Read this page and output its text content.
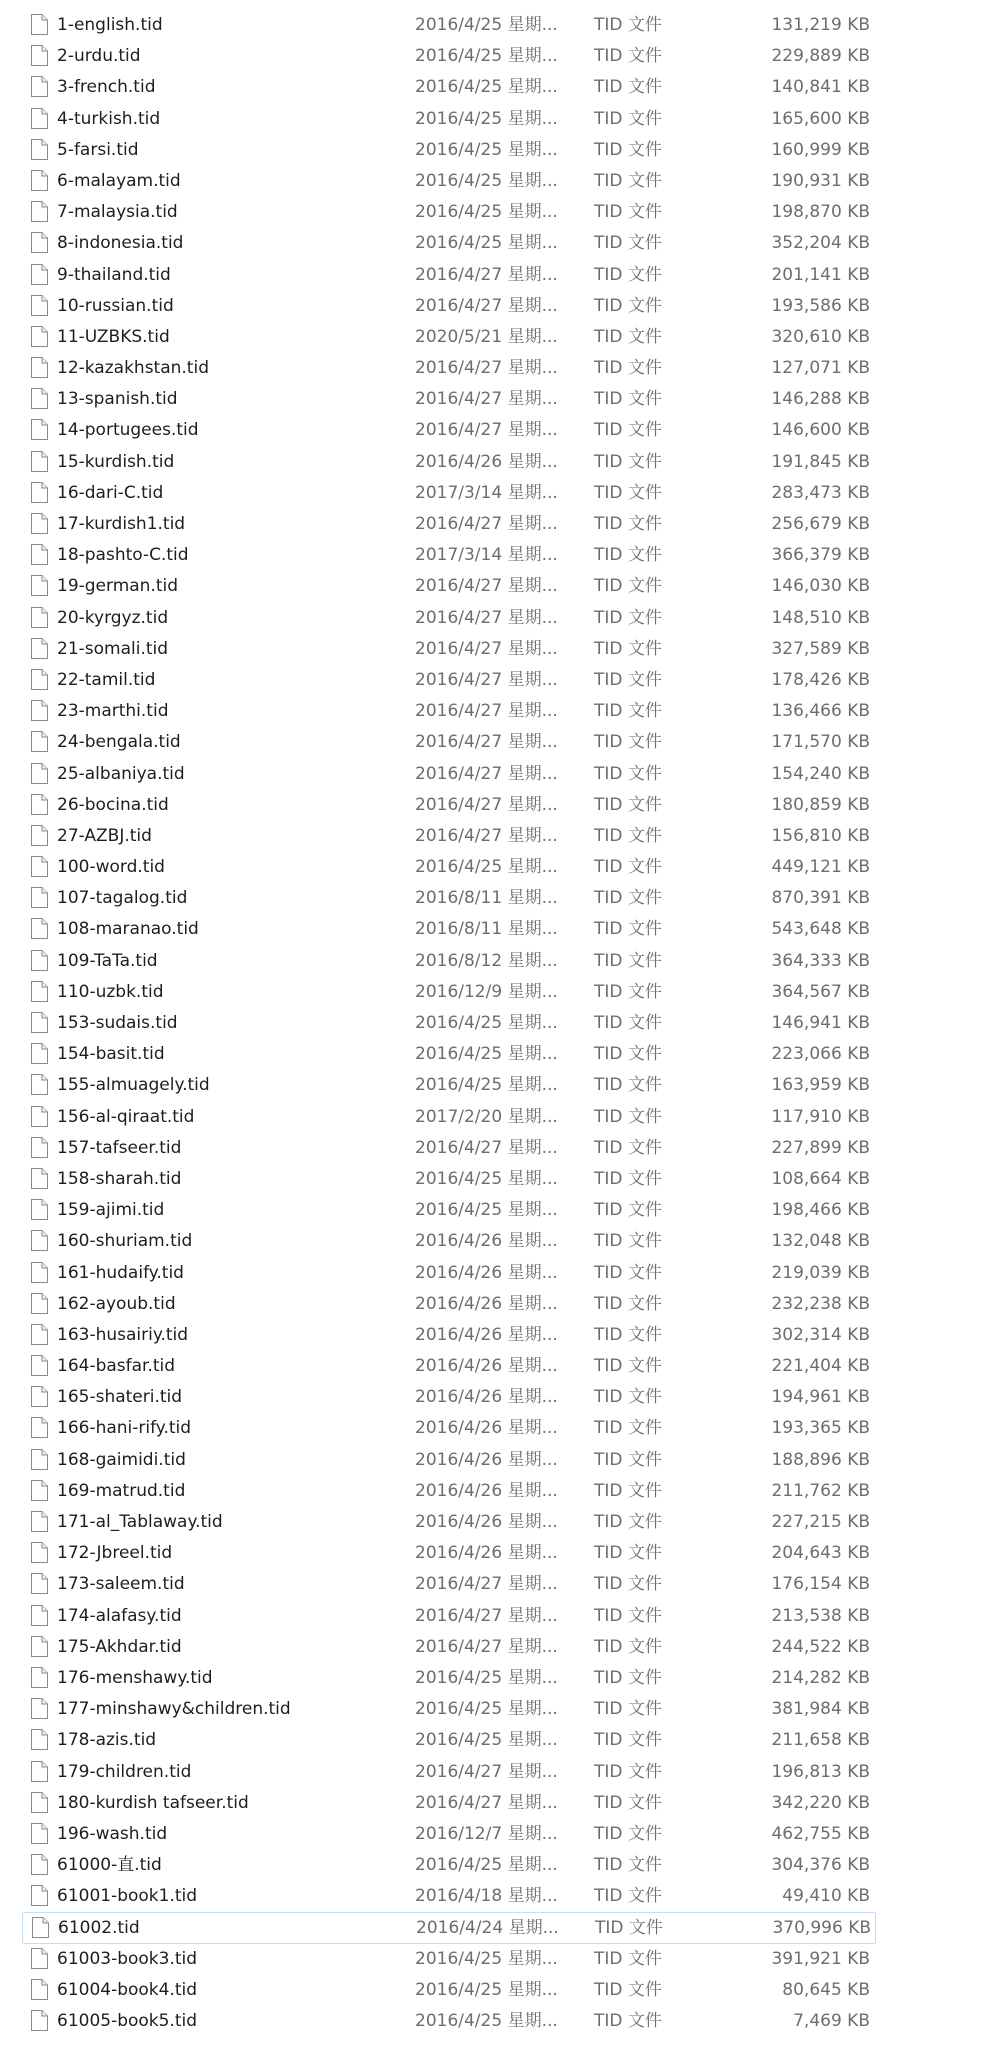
1-english.tid	2016/4/25 星期... TID 文件	131,219 KB
2-urdu.tid	2016/4/25 星期... TID 文件	229,889 KB
3-french.tid	2016/4/25 星期... TID 文件	140,841 KB
4-turkish.tid	2016/4/25 星期... TID 文件	165,600 KB
5-farsi.tid	2016/4/25 星期... TID 文件	160,999 KB
6-malayam.tid	2016/4/25 星期... TID 文件	190,931 KB
7-malaysia.tid	2016/4/25 星期... TID 文件	198,870 KB
8-indonesia.tid	2016/4/25 星期... TID 文件	352,204 KB
9-thailand.tid	2016/4/27 星期... TID 文件	201,141 KB
10-russian.tid	2016/4/27 星期... TID 文件	193,586 KB
11-UZBKS.tid	2020/5/21 星期... TID 文件	320,610 KB
12-kazakhstan.tid	2016/4/27 星期... TID 文件	127,071 KB
13-spanish.tid	2016/4/27 星期... TID 文件	146,288 KB
14-portugees.tid	2016/4/27 星期... TID 文件	146,600 KB
15-kurdish.tid	2016/4/26 星期... TID 文件	191,845 KB
16-dari-C.tid	2017/3/14 星期... TID 文件	283,473 KB
17-kurdish1.tid	2016/4/27 星期... TID 文件	256,679 KB
18-pashto-C.tid	2017/3/14 星期... TID 文件	366,379 KB
19-german.tid	2016/4/27 星期... TID 文件	146,030 KB
20-kyrgyz.tid	2016/4/27 星期... TID 文件	148,510 KB
21-somali.tid	2016/4/27 星期... TID 文件	327,589 KB
22-tamil.tid	2016/4/27 星期... TID 文件	178,426 KB
23-marthi.tid	2016/4/27 星期... TID 文件	136,466 KB
24-bengala.tid	2016/4/27 星期... TID 文件	171,570 KB
25-albaniya.tid	2016/4/27 星期... TID 文件	154,240 KB
26-bocina.tid	2016/4/27 星期... TID 文件	180,859 KB
27-AZBJ.tid	2016/4/27 星期... TID 文件	156,810 KB
100-word.tid	2016/4/25 星期... TID 文件	449,121 KB
107-tagalog.tid	2016/8/11 星期... TID 文件	870,391 KB
108-maranao.tid	2016/8/11 星期... TID 文件	543,648 KB
109-TaTa.tid	2016/8/12 星期... TID 文件	364,333 KB
110-uzbk.tid	2016/12/9 星期... TID 文件	364,567 KB
153-sudais.tid	2016/4/25 星期... TID 文件	146,941 KB
154-basit.tid	2016/4/25 星期... TID 文件	223,066 KB
155-almuagely.tid	2016/4/25 星期... TID 文件	163,959 KB
156-al-qiraat.tid	2017/2/20 星期... TID 文件	117,910 KB
157-tafseer.tid	2016/4/27 星期... TID 文件	227,899 KB
158-sharah.tid	2016/4/25 星期... TID 文件	108,664 KB
159-ajimi.tid	2016/4/25 星期... TID 文件	198,466 KB
160-shuriam.tid	2016/4/26 星期... TID 文件	132,048 KB
161-hudaify.tid	2016/4/26 星期... TID 文件	219,039 KB
162-ayoub.tid	2016/4/26 星期... TID 文件	232,238 KB
163-husairiy.tid	2016/4/26 星期... TID 文件	302,314 KB
164-basfar.tid	2016/4/26 星期... TID 文件	221,404 KB
165-shateri.tid	2016/4/26 星期... TID 文件	194,961 KB
166-hani-rify.tid	2016/4/26 星期... TID 文件	193,365 KB
168-gaimidi.tid	2016/4/26 星期... TID 文件	188,896 KB
169-matrud.tid	2016/4/26 星期... TID 文件	211,762 KB
171-al_Tablaway.tid	2016/4/26 星期... TID 文件	227,215 KB
172-Jbreel.tid	2016/4/26 星期... TID 文件	204,643 KB
173-saleem.tid	2016/4/27 星期... TID 文件	176,154 KB
174-alafasy.tid	2016/4/27 星期... TID 文件	213,538 KB
175-Akhdar.tid	2016/4/27 星期... TID 文件	244,522 KB
176-menshawy.tid	2016/4/25 星期... TID 文件	214,282 KB
177-minshawy&children.tid	2016/4/25 星期... TID 文件	381,984 KB
178-azis.tid	2016/4/25 星期... TID 文件	211,658 KB
179-children.tid	2016/4/27 星期... TID 文件	196,813 KB
180-kurdish tafseer.tid	2016/4/27 星期... TID 文件	342,220 KB
196-wash.tid	2016/12/7 星期... TID 文件	462,755 KB
61000-直.tid	2016/4/25 星期... TID 文件	304,376 KB
61001-book1.tid	2016/4/18 星期... TID 文件	49,410 KB
61002.tid	2016/4/24 星期... TID 文件	370,996 KB
61003-book3.tid	2016/4/25 星期... TID 文件	391,921 KB
61004-book4.tid	2016/4/25 星期... TID 文件	80,645 KB
61005-book5.tid	2016/4/25 星期... TID 文件	7,469 KB
